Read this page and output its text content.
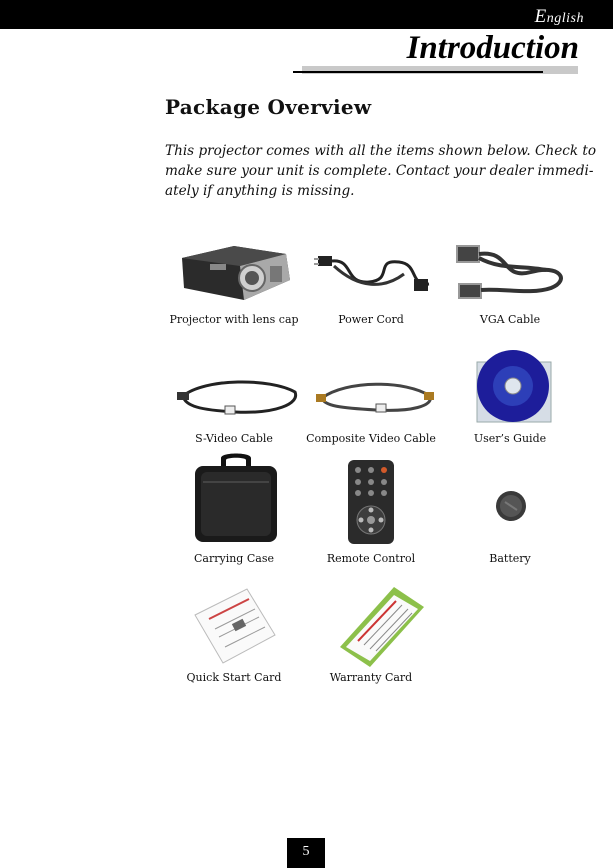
English
Introduction
Package Overview
This projector comes with all the items shown below. Check to
make sure your unit is complete. Contact your dealer immedi-
ately if anything is missing.
Projector with lens cap	Power Cord	VGA Cable
S-Video Cable	Composite Video Cable	User’s Guide
Carrying Case	Remote Control	Battery
Quick Start Card	Warranty Card
5
